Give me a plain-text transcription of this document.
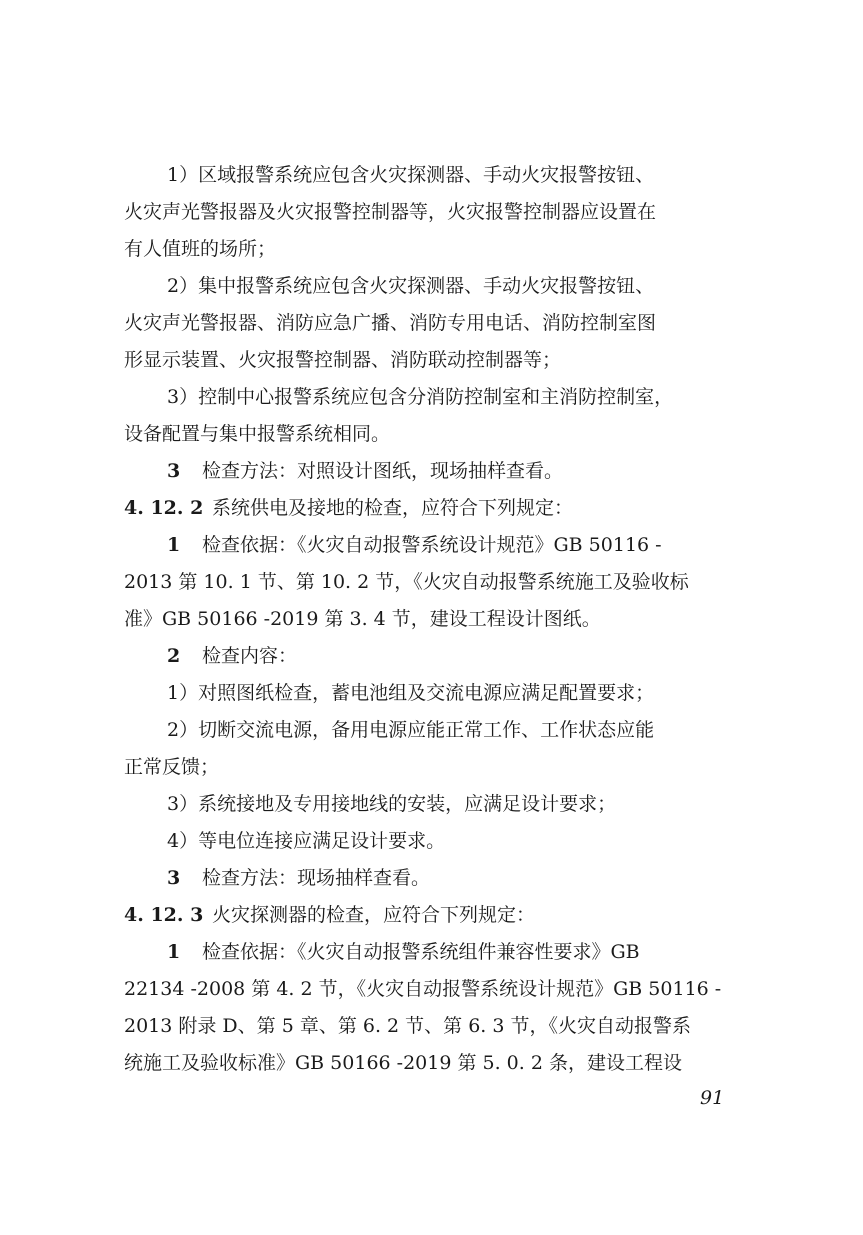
1）区域报警系统应包含火灾探测器、手动火灾报警按钮、
火灾声光警报器及火灾报警控制器等，火灾报警控制器应设置在
有人值班的场所；
2）集中报警系统应包含火灾探测器、手动火灾报警按钮、
火灾声光警报器、消防应急广播、消防专用电话、消防控制室图
形显示装置、火灾报警控制器、消防联动控制器等；
3）控制中心报警系统应包含分消防控制室和主消防控制室，
设备配置与集中报警系统相同。
3 检查方法：对照设计图纸，现场抽样查看。
4. 12. 2 系统供电及接地的检查，应符合下列规定：
1 检查依据：《火灾自动报警系统设计规范》GB 50116 -
2013 第 10. 1 节、第 10. 2 节，《火灾自动报警系统施工及验收标
准》GB 50166 -2019 第 3. 4 节，建设工程设计图纸。
2 检查内容：
1）对照图纸检查，蓄电池组及交流电源应满足配置要求；
2）切断交流电源，备用电源应能正常工作、工作状态应能
正常反馈；
3）系统接地及专用接地线的安装，应满足设计要求；
4）等电位连接应满足设计要求。
3 检查方法：现场抽样查看。
4. 12. 3 火灾探测器的检查，应符合下列规定：
1 检查依据：《火灾自动报警系统组件兼容性要求》GB
22134 -2008 第 4. 2 节，《火灾自动报警系统设计规范》GB 50116 -
2013 附录 D、第 5 章、第 6. 2 节、第 6. 3 节，《火灾自动报警系
统施工及验收标准》GB 50166 -2019 第 5. 0. 2 条，建设工程设
91
